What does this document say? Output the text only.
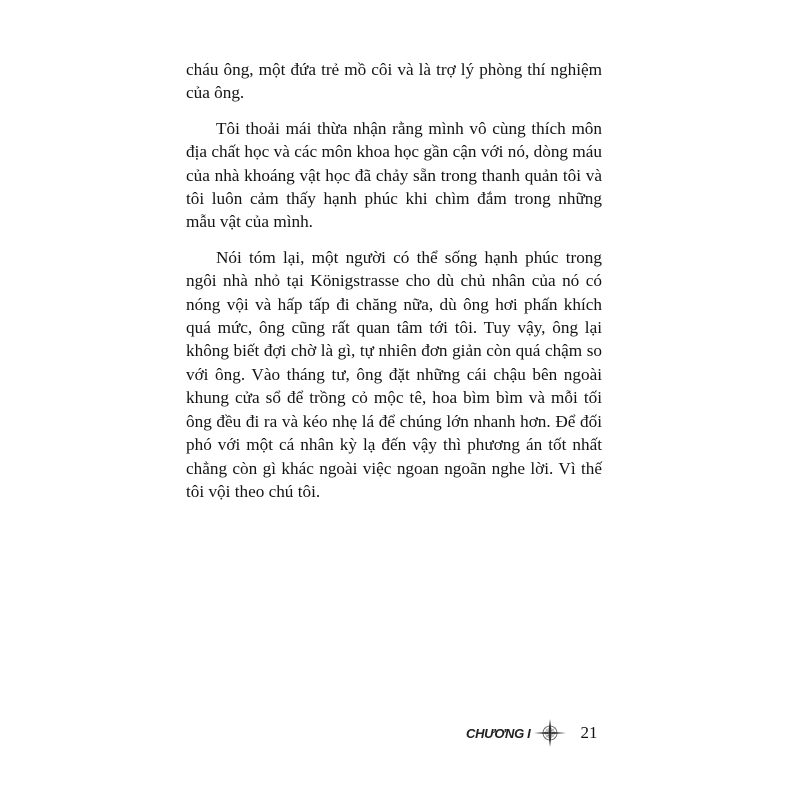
cháu ông, một đứa trẻ mồ côi và là trợ lý phòng thí nghiệm của ông.

Tôi thoải mái thừa nhận rằng mình vô cùng thích môn địa chất học và các môn khoa học gần cận với nó, dòng máu của nhà khoáng vật học đã chảy sẵn trong thanh quản tôi và tôi luôn cảm thấy hạnh phúc khi chìm đắm trong những mẫu vật của mình.

Nói tóm lại, một người có thể sống hạnh phúc trong ngôi nhà nhỏ tại Königstrasse cho dù chủ nhân của nó có nóng vội và hấp tấp đi chăng nữa, dù ông hơi phấn khích quá mức, ông cũng rất quan tâm tới tôi. Tuy vậy, ông lại không biết đợi chờ là gì, tự nhiên đơn giản còn quá chậm so với ông. Vào tháng tư, ông đặt những cái chậu bên ngoài khung cửa sổ để trồng cỏ mộc tê, hoa bìm bìm và mỗi tối ông đều đi ra và kéo nhẹ lá để chúng lớn nhanh hơn. Để đối phó với một cá nhân kỳ lạ đến vậy thì phương án tốt nhất chẳng còn gì khác ngoài việc ngoan ngoãn nghe lời. Vì thế tôi vội theo chú tôi.

CHƯƠNG I	21
